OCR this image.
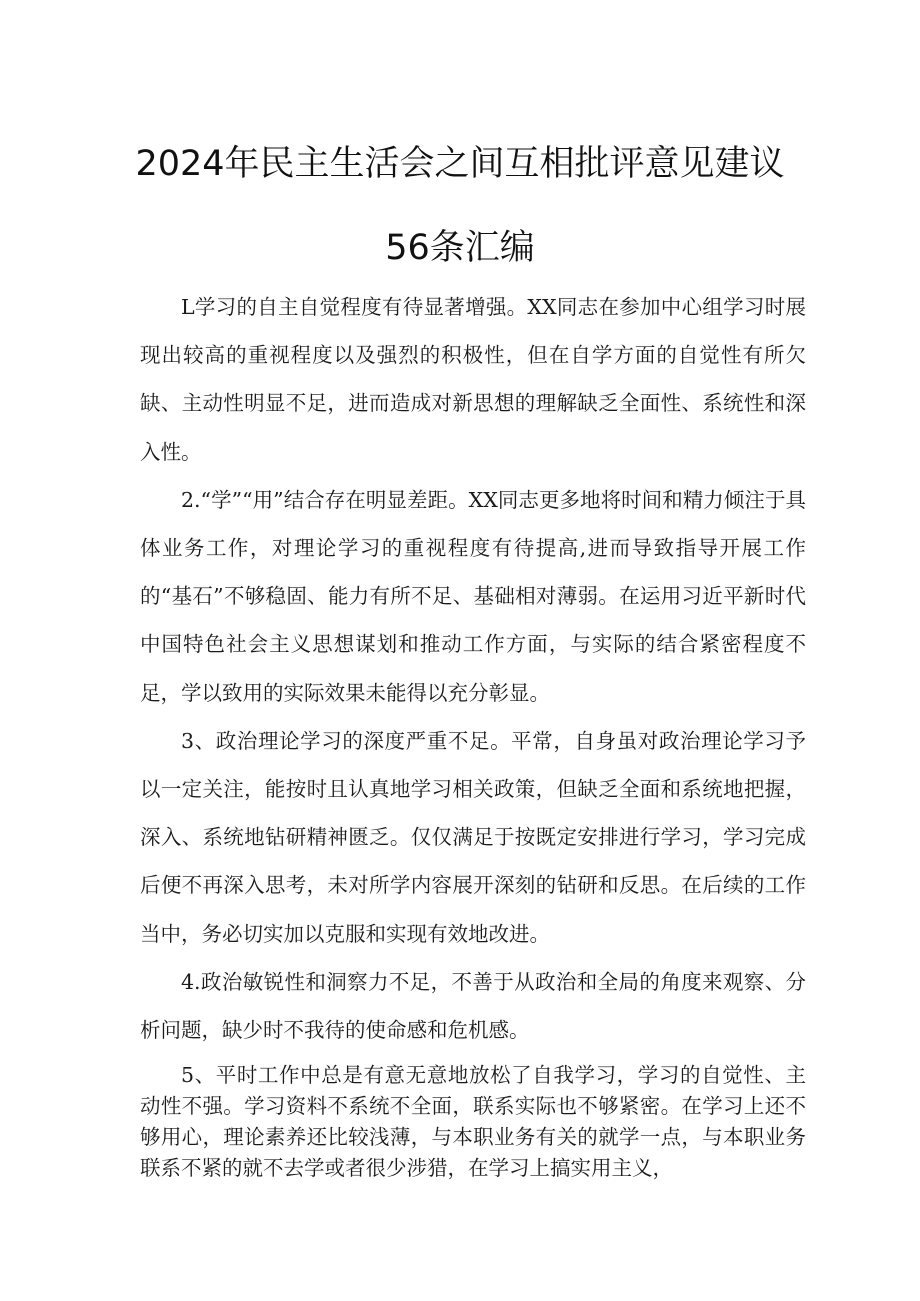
2024年民主生活会之间互相批评意见建议
56条汇编

L学习的自主自觉程度有待显著增强。XX同志在参加中心组学习时展现出较高的重视程度以及强烈的积极性，但在自学方面的自觉性有所欠缺、主动性明显不足，进而造成对新思想的理解缺乏全面性、系统性和深入性。

2.“学”“用”结合存在明显差距。XX同志更多地将时间和精力倾注于具体业务工作，对理论学习的重视程度有待提高,进而导致指导开展工作的“基石”不够稳固、能力有所不足、基础相对薄弱。在运用习近平新时代中国特色社会主义思想谋划和推动工作方面，与实际的结合紧密程度不足，学以致用的实际效果未能得以充分彰显。

3、政治理论学习的深度严重不足。平常，自身虽对政治理论学习予以一定关注，能按时且认真地学习相关政策，但缺乏全面和系统地把握，深入、系统地钻研精神匮乏。仅仅满足于按既定安排进行学习，学习完成后便不再深入思考，未对所学内容展开深刻的钻研和反思。在后续的工作当中，务必切实加以克服和实现有效地改进。

4.政治敏锐性和洞察力不足，不善于从政治和全局的角度来观察、分析问题，缺少时不我待的使命感和危机感。

5、平时工作中总是有意无意地放松了自我学习，学习的自觉性、主动性不强。学习资料不系统不全面，联系实际也不够紧密。在学习上还不够用心，理论素养还比较浅薄，与本职业务有关的就学一点，与本职业务联系不紧的就不去学或者很少涉猎，在学习上搞实用主义，
